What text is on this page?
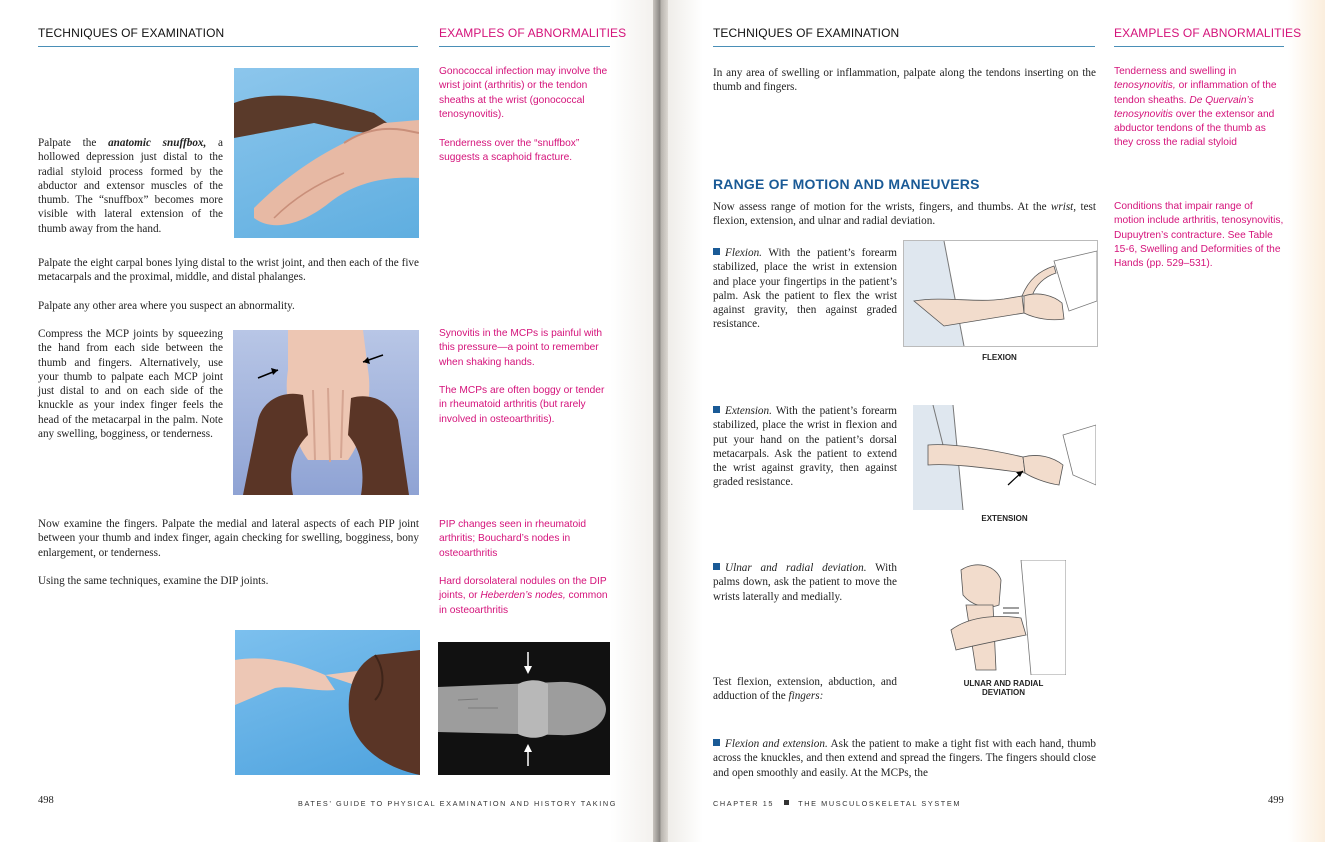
TECHNIQUES OF EXAMINATION	EXAMPLES OF ABNORMALITIES
Palpate the anatomic snuffbox, a hollowed depression just distal to the radial styloid process formed by the abductor and extensor muscles of the thumb. The “snuffbox” becomes more visible with lateral extension of the thumb away from the hand.
Gonococcal infection may involve the wrist joint (arthritis) or the tendon sheaths at the wrist (gonococcal tenosynovitis).
Tenderness over the “snuffbox” suggests a scaphoid fracture.
Palpate the eight carpal bones lying distal to the wrist joint, and then each of the five metacarpals and the proximal, middle, and distal phalanges.
Palpate any other area where you suspect an abnormality.
Compress the MCP joints by squeezing the hand from each side between the thumb and fingers. Alternatively, use your thumb to palpate each MCP joint just distal to and on each side of the knuckle as your index finger feels the head of the metacarpal in the palm. Note any swelling, bogginess, or tenderness.
Synovitis in the MCPs is painful with this pressure—a point to remember when shaking hands.
The MCPs are often boggy or tender in rheumatoid arthritis (but rarely involved in osteoarthritis).
Now examine the fingers. Palpate the medial and lateral aspects of each PIP joint between your thumb and index finger, again checking for swelling, bogginess, bony enlargement, or tenderness.
PIP changes seen in rheumatoid arthritis; Bouchard’s nodes in osteoarthritis
Using the same techniques, examine the DIP joints.	Hard dorsolateral nodules on the DIP joints, or Heberden’s nodes, common in osteoarthritis
498	BATES’ GUIDE TO PHYSICAL EXAMINATION AND HISTORY TAKING
TECHNIQUES OF EXAMINATION	EXAMPLES OF ABNORMALITIES
In any area of swelling or inflammation, palpate along the tendons inserting on the thumb and fingers.
Tenderness and swelling in tenosynovitis, or inflammation of the tendon sheaths. De Quervain’s tenosynovitis over the extensor and abductor tendons of the thumb as they cross the radial styloid
RANGE OF MOTION AND MANEUVERS
Now assess range of motion for the wrists, fingers, and thumbs. At the wrist, test flexion, extension, and ulnar and radial deviation.
Conditions that impair range of motion include arthritis, tenosynovitis, Dupuytren’s contracture. See Table 15-6, Swelling and Deformities of the Hands (pp. 529–531).
Flexion. With the patient’s forearm stabilized, place the wrist in extension and place your fingertips in the patient’s palm. Ask the patient to flex the wrist against gravity, then against graded resistance.
FLEXION
Extension. With the patient’s forearm stabilized, place the wrist in flexion and put your hand on the patient’s dorsal metacarpals. Ask the patient to extend the wrist against gravity, then against graded resistance.
EXTENSION
Ulnar and radial deviation. With palms down, ask the patient to move the wrists laterally and medially.
ULNAR AND RADIAL
DEVIATION
Test flexion, extension, abduction, and adduction of the fingers:
Flexion and extension. Ask the patient to make a tight fist with each hand, thumb across the knuckles, and then extend and spread the fingers. The fingers should close and open smoothly and easily. At the MCPs, the
CHAPTER 15	THE MUSCULOSKELETAL SYSTEM	499
